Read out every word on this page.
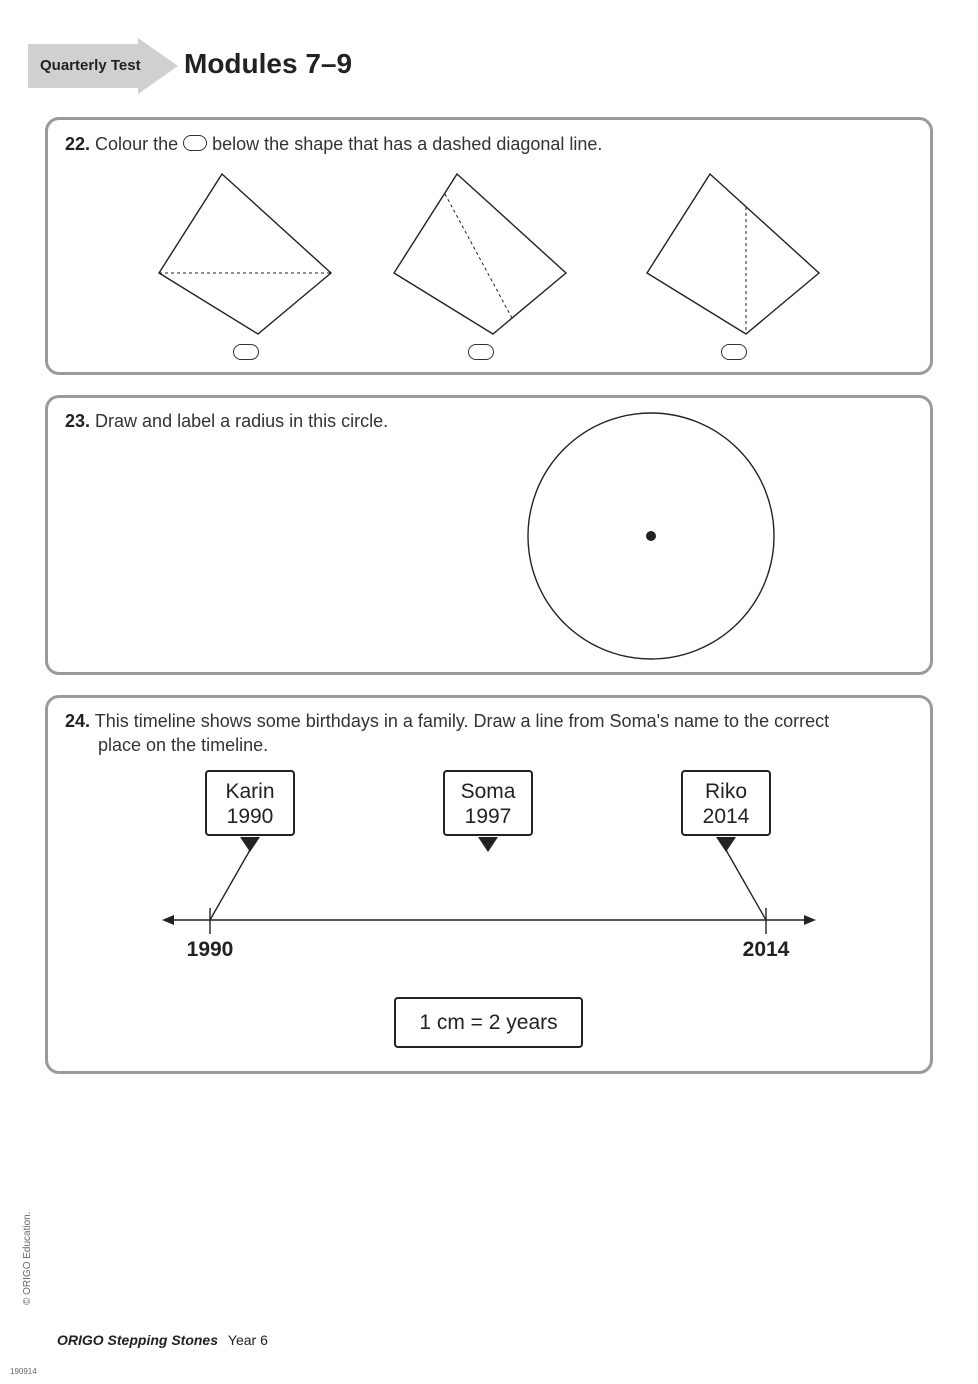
Quarterly Test Modules 7–9
22. Colour the below the shape that has a dashed diagonal line.
23. Draw and label a radius in this circle.
24. This timeline shows some birthdays in a family. Draw a line from Soma's name to the correct
place on the timeline.
Karin
1990
Soma
1997
Riko
2014
1990	2014
1 cm = 2 years
© ORIGO Education.
ORIGO Stepping Stones Year 6
190914
